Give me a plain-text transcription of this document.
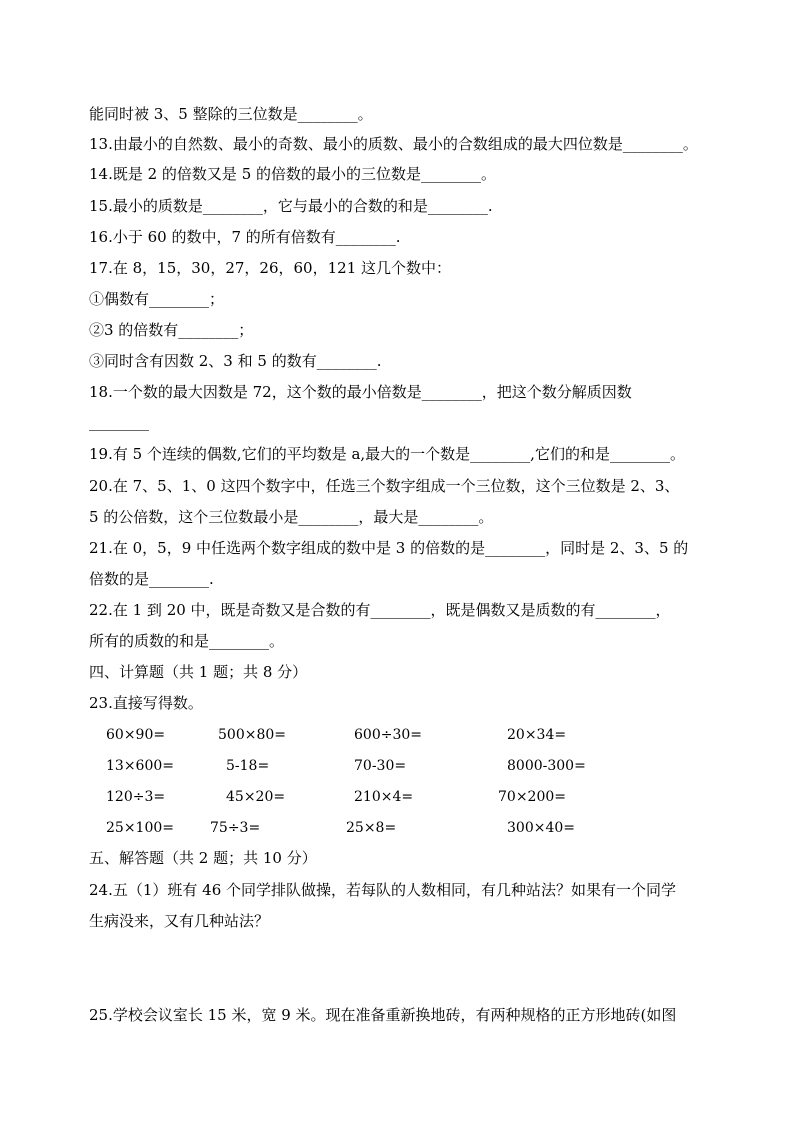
能同时被 3、5 整除的三位数是________。
13.由最小的自然数、最小的奇数、最小的质数、最小的合数组成的最大四位数是________。
14.既是 2 的倍数又是 5 的倍数的最小的三位数是________。
15.最小的质数是________，它与最小的合数的和是________.
16.小于 60 的数中，7 的所有倍数有________.
17.在 8，15，30，27，26，60，121 这几个数中：
①偶数有________；
②3 的倍数有________；
③同时含有因数 2、3 和 5 的数有________.
18.一个数的最大因数是 72，这个数的最小倍数是________，把这个数分解质因数
________
19.有 5 个连续的偶数,它们的平均数是 a,最大的一个数是________,它们的和是________。
20.在 7、5、1、0 这四个数字中，任选三个数字组成一个三位数，这个三位数是 2、3、
5 的公倍数，这个三位数最小是________，最大是________。
21.在 0，5，9 中任选两个数字组成的数中是 3 的倍数的是________，同时是 2、3、5 的
倍数的是________.
22.在 1 到 20 中，既是奇数又是合数的有________，既是偶数又是质数的有________，
所有的质数的和是________。
四、计算题（共 1 题；共 8 分）
23.直接写得数。
60×90=	500×80=	600÷30=	20×34=
13×600=	5-18=	70-30=	8000-300=
120÷3=	45×20=	210×4=	70×200=
25×100=	75÷3=	25×8=	300×40=
五、解答题（共 2 题；共 10 分）
24.五（1）班有 46 个同学排队做操，若每队的人数相同，有几种站法？如果有一个同学
生病没来，又有几种站法？
25.学校会议室长 15 米，宽 9 米。现在准备重新换地砖，有两种规格的正方形地砖(如图
